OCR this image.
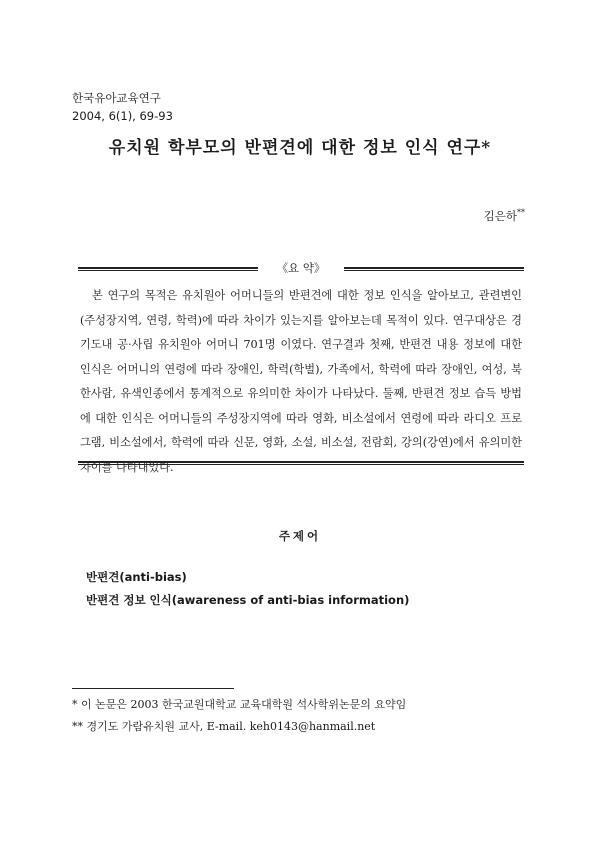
한국유아교육연구
2004, 6(1), 69-93
유치원 학부모의 반편견에 대한 정보 인식 연구*
김은하**
《요 약》
본 연구의 목적은 유치원아 어머니들의 반편견에 대한 정보 인식을 알아보고, 관련변인(주성장지역, 연령, 학력)에 따라 차이가 있는지를 알아보는데 목적이 있다. 연구대상은 경기도내 공·사립 유치원아 어머니 701명 이였다. 연구결과 첫째, 반편견 내용 정보에 대한 인식은 어머니의 연령에 따라 장애인, 학력(학벌), 가족에서, 학력에 따라 장애인, 여성, 북한사람, 유색인종에서 통계적으로 유의미한 차이가 나타났다. 둘째, 반편견 정보 습득 방법에 대한 인식은 어머니들의 주성장지역에 따라 영화, 비소설에서 연령에 따라 라디오 프로그램, 비소설에서, 학력에 따라 신문, 영화, 소설, 비소설, 전람회, 강의(강연)에서 유의미한 차이를 나타내었다.
주제어
반편견(anti-bias)
반편견 정보 인식(awareness of anti-bias information)
* 이 논문은 2003 한국교원대학교 교육대학원 석사학위논문의 요약임
** 경기도 가람유치원 교사, E-mail. keh0143@hanmail.net
